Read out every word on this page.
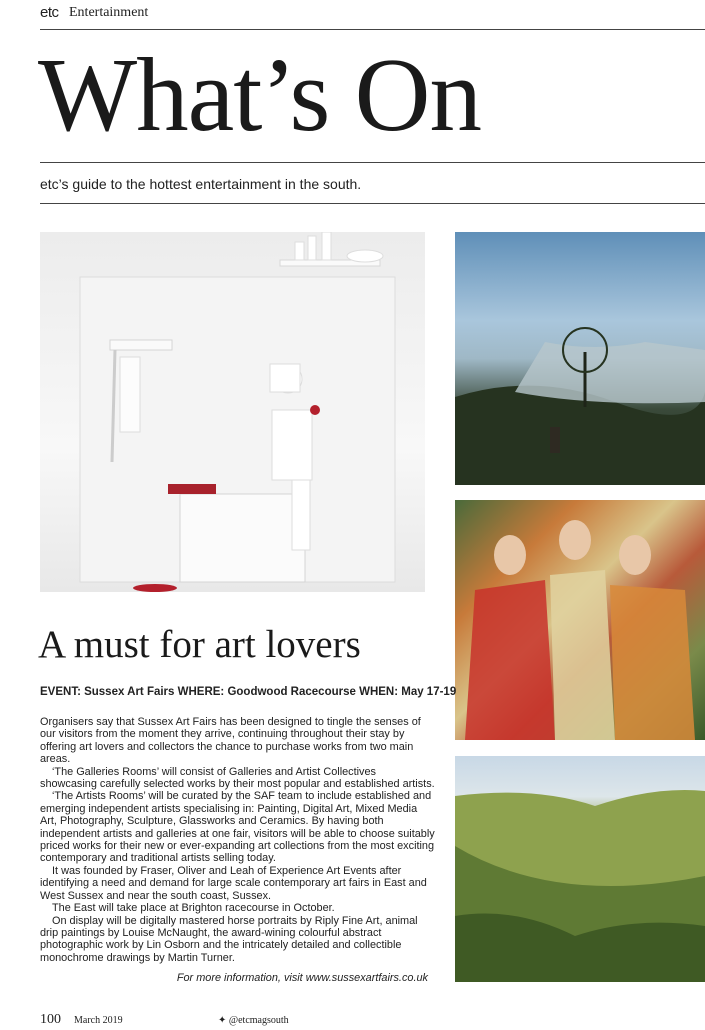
etc Entertainment
What’s On
etc’s guide to the hottest entertainment in the south.
A must for art lovers
EVENT: Sussex Art Fairs WHERE: Goodwood Racecourse WHEN: May 17-19

Organisers say that Sussex Art Fairs has been designed to tingle the senses of our visitors from the moment they arrive, continuing throughout their stay by offering art lovers and collectors the chance to purchase works from two main areas.

‘The Galleries Rooms’ will consist of Galleries and Artist Collectives showcasing carefully selected works by their most popular and established artists.

‘The Artists Rooms’ will be curated by the SAF team to include established and emerging independent artists specialising in: Painting, Digital Art, Mixed Media Art, Photography, Sculpture, Glassworks and Ceramics. By having both independent artists and galleries at one fair, visitors will be able to choose suitably priced works for their new or ever-expanding art collections from the most exciting contemporary and traditional artists selling today.

It was founded by Fraser, Oliver and Leah of Experience Art Events after identifying a need and demand for large scale contemporary art fairs in East and West Sussex and near the south coast, Sussex.

The East will take place at Brighton racecourse in October.

On display will be digitally mastered horse portraits by Riply Fine Art, animal drip paintings by Louise McNaught, the award-wining colourful abstract photographic work by Lin Osborn and the intricately detailed and collectible monochrome drawings by Martin Turner.

For more information, visit www.sussexartfairs.co.uk
100 March 2019	✦ @etcmagsouth
